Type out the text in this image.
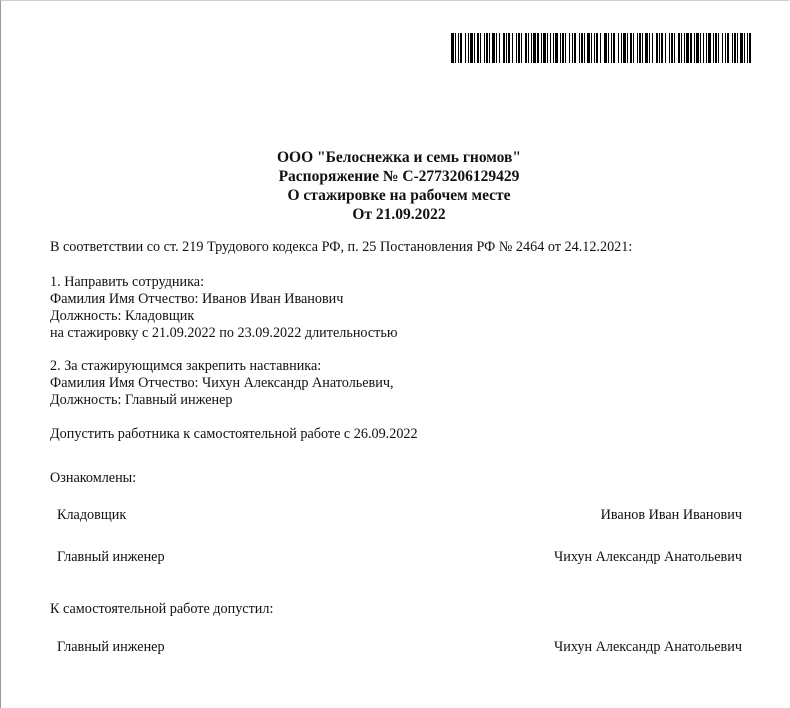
ООО "Белоснежка и семь гномов"
Распоряжение № С-2773206129429
О стажировке на рабочем месте
От 21.09.2022
В соответствии со ст. 219 Трудового кодекса РФ, п. 25 Постановления РФ № 2464 от 24.12.2021:
1. Направить сотрудника:
Фамилия Имя Отчество: Иванов Иван Иванович
Должность: Кладовщик
на стажировку с 21.09.2022 по 23.09.2022 длительностью
2. За стажирующимся закрепить наставника:
Фамилия Имя Отчество: Чихун Александр Анатольевич,
Должность: Главный инженер
Допустить работника к самостоятельной работе с 26.09.2022
Ознакомлены:
Кладовщик	Иванов Иван Иванович
Главный инженер	Чихун Александр Анатольевич
К самостоятельной работе допустил:
Главный инженер	Чихун Александр Анатольевич
